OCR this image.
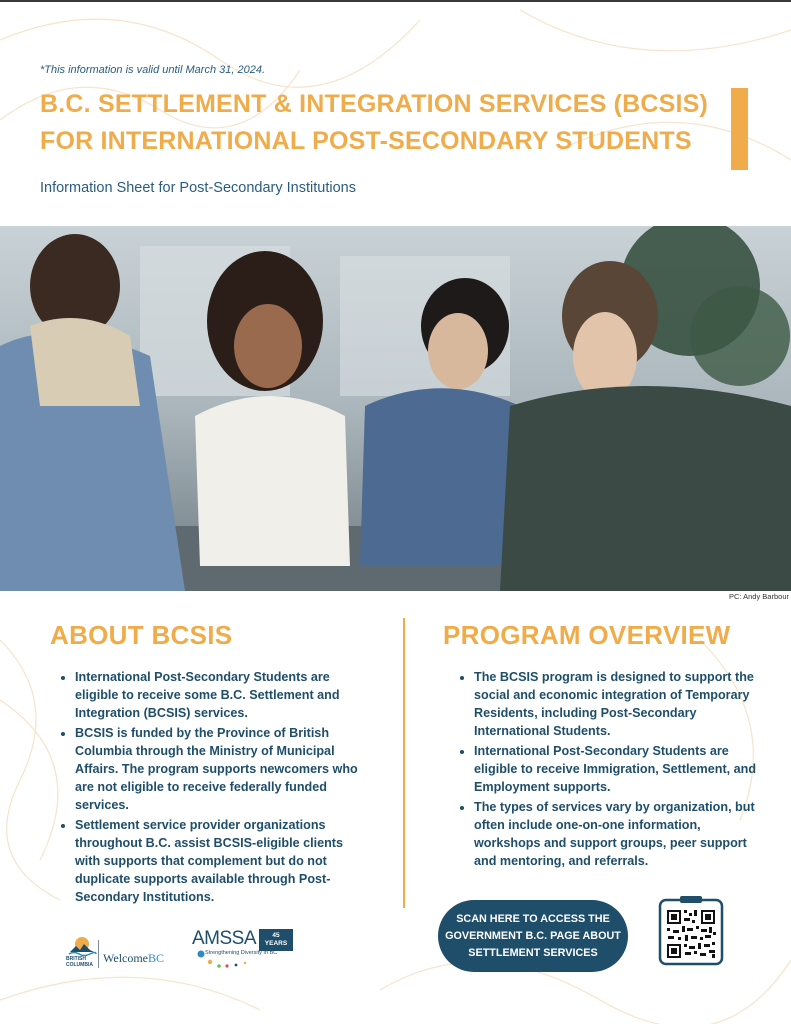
*This information is valid until March 31, 2024.
B.C. SETTLEMENT & INTEGRATION SERVICES (BCSIS)
FOR INTERNATIONAL POST-SECONDARY STUDENTS
Information Sheet for Post-Secondary Institutions
PC: Andy Barbour
ABOUT BCSIS
• International Post-Secondary Students are eligible to receive some B.C. Settlement and Integration (BCSIS) services.
• BCSIS is funded by the Province of British Columbia through the Ministry of Municipal Affairs. The program supports newcomers who are not eligible to receive federally funded services.
• Settlement service provider organizations throughout B.C. assist BCSIS-eligible clients with supports that complement but do not duplicate supports available through Post-Secondary Institutions.
PROGRAM OVERVIEW
• The BCSIS program is designed to support the social and economic integration of Temporary Residents, including Post-Secondary International Students.
• International Post-Secondary Students are eligible to receive Immigration, Settlement, and Employment supports.
• The types of services vary by organization, but often include one-on-one information, workshops and support groups, peer support and mentoring, and referrals.
SCAN HERE TO ACCESS THE
GOVERNMENT B.C. PAGE ABOUT
SETTLEMENT SERVICES
BRITISH
COLUMBIA WelcomeBC
AMSSA	45
YEARS
Strengthening Diversity In BC
